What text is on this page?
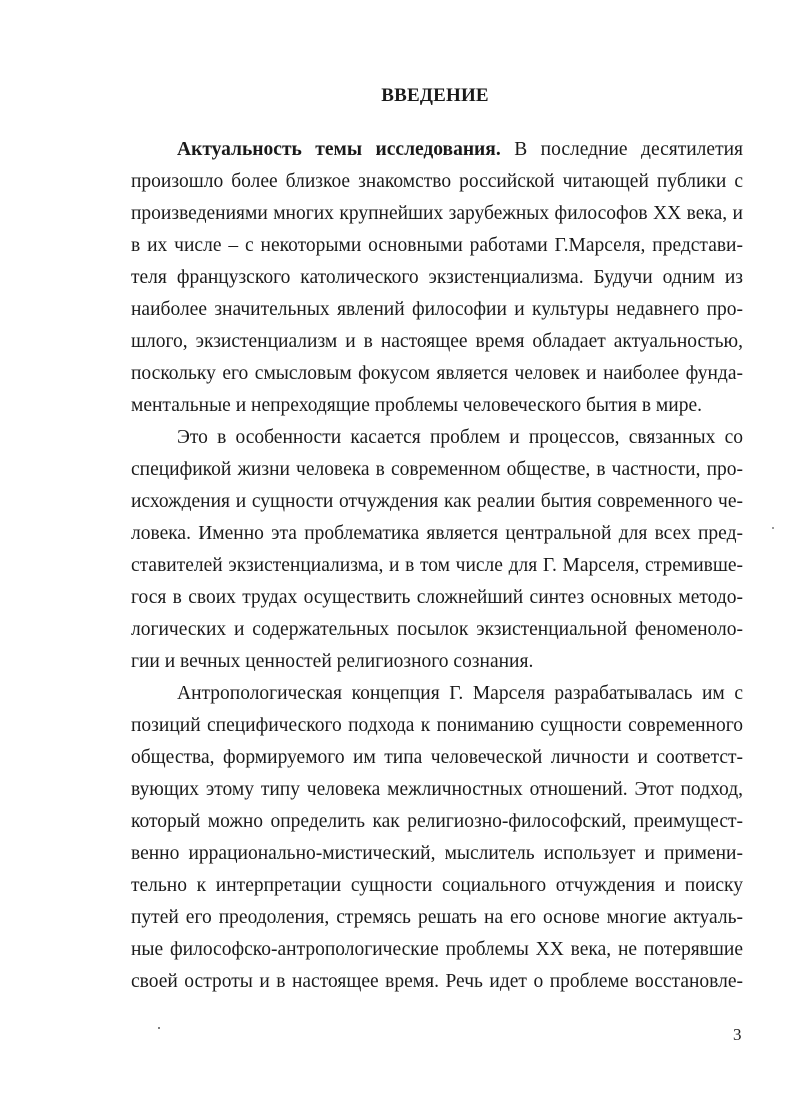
ВВЕДЕНИЕ
Актуальность темы исследования. В последние десятилетия
произошло более близкое знакомство российской читающей публики с
произведениями многих крупнейших зарубежных философов XX века, и
в их числе – с некоторыми основными работами Г.Марселя, представи-
теля французского католического экзистенциализма. Будучи одним из
наиболее значительных явлений философии и культуры недавнего про-
шлого, экзистенциализм и в настоящее время обладает актуальностью,
поскольку его смысловым фокусом является человек и наиболее фунда-
ментальные и непреходящие проблемы человеческого бытия в мире.
Это в особенности касается проблем и процессов, связанных со
спецификой жизни человека в современном обществе, в частности, про-
исхождения и сущности отчуждения как реалии бытия современного че-
ловека. Именно эта проблематика является центральной для всех пред-
ставителей экзистенциализма, и в том числе для Г. Марселя, стремивше-
гося в своих трудах осуществить сложнейший синтез основных методо-
логических и содержательных посылок экзистенциальной феноменоло-
гии и вечных ценностей религиозного сознания.
Антропологическая концепция Г. Марселя разрабатывалась им с
позиций специфического подхода к пониманию сущности современного
общества, формируемого им типа человеческой личности и соответст-
вующих этому типу человека межличностных отношений. Этот подход,
который можно определить как религиозно-философский, преимущест-
венно иррационально-мистический, мыслитель использует и примени-
тельно к интерпретации сущности социального отчуждения и поиску
путей его преодоления, стремясь решать на его основе многие актуаль-
ные философско-антропологические проблемы XX века, не потерявшие
своей остроты и в настоящее время. Речь идет о проблеме восстановле-
3
